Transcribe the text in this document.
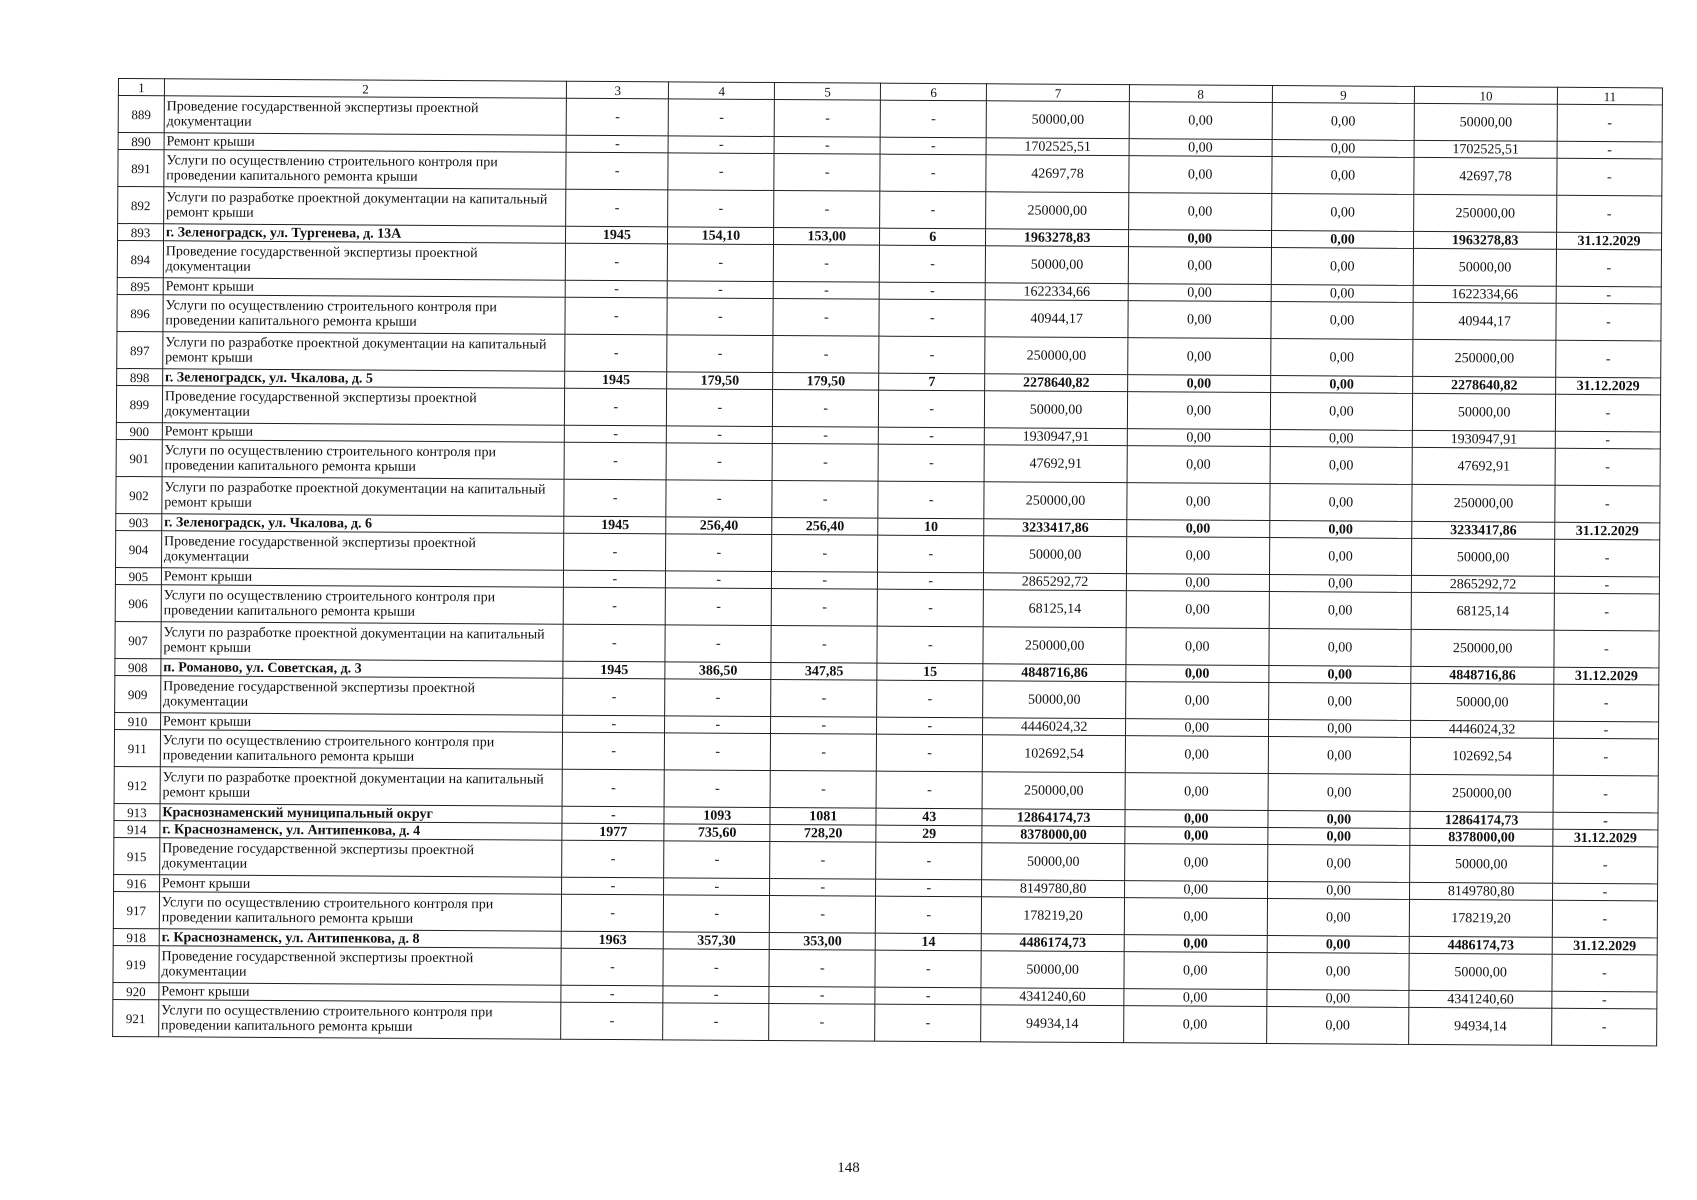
1	2	3	4	5	6	7	8	9	10	11
889	Проведение государственной экспертизы проектной документации	-	-	-	-	50000,00	0,00	0,00	50000,00	-
890	Ремонт крыши	-	-	-	-	1702525,51	0,00	0,00	1702525,51	-
891	Услуги по осуществлению строительного контроля при проведении капитального ремонта крыши	-	-	-	-	42697,78	0,00	0,00	42697,78	-
892	Услуги по разработке проектной документации на капитальный ремонт крыши	-	-	-	-	250000,00	0,00	0,00	250000,00	-
893	г. Зеленоградск, ул. Тургенева, д. 13А	1945	154,10	153,00	6	1963278,83	0,00	0,00	1963278,83	31.12.2029
894	Проведение государственной экспертизы проектной документации	-	-	-	-	50000,00	0,00	0,00	50000,00	-
895	Ремонт крыши	-	-	-	-	1622334,66	0,00	0,00	1622334,66	-
896	Услуги по осуществлению строительного контроля при проведении капитального ремонта крыши	-	-	-	-	40944,17	0,00	0,00	40944,17	-
897	Услуги по разработке проектной документации на капитальный ремонт крыши	-	-	-	-	250000,00	0,00	0,00	250000,00	-
898	г. Зеленоградск, ул. Чкалова, д. 5	1945	179,50	179,50	7	2278640,82	0,00	0,00	2278640,82	31.12.2029
899	Проведение государственной экспертизы проектной документации	-	-	-	-	50000,00	0,00	0,00	50000,00	-
900	Ремонт крыши	-	-	-	-	1930947,91	0,00	0,00	1930947,91	-
901	Услуги по осуществлению строительного контроля при проведении капитального ремонта крыши	-	-	-	-	47692,91	0,00	0,00	47692,91	-
902	Услуги по разработке проектной документации на капитальный ремонт крыши	-	-	-	-	250000,00	0,00	0,00	250000,00	-
903	г. Зеленоградск, ул. Чкалова, д. 6	1945	256,40	256,40	10	3233417,86	0,00	0,00	3233417,86	31.12.2029
904	Проведение государственной экспертизы проектной документации	-	-	-	-	50000,00	0,00	0,00	50000,00	-
905	Ремонт крыши	-	-	-	-	2865292,72	0,00	0,00	2865292,72	-
906	Услуги по осуществлению строительного контроля при проведении капитального ремонта крыши	-	-	-	-	68125,14	0,00	0,00	68125,14	-
907	Услуги по разработке проектной документации на капитальный ремонт крыши	-	-	-	-	250000,00	0,00	0,00	250000,00	-
908	п. Романово, ул. Советская, д. 3	1945	386,50	347,85	15	4848716,86	0,00	0,00	4848716,86	31.12.2029
909	Проведение государственной экспертизы проектной документации	-	-	-	-	50000,00	0,00	0,00	50000,00	-
910	Ремонт крыши	-	-	-	-	4446024,32	0,00	0,00	4446024,32	-
911	Услуги по осуществлению строительного контроля при проведении капитального ремонта крыши	-	-	-	-	102692,54	0,00	0,00	102692,54	-
912	Услуги по разработке проектной документации на капитальный ремонт крыши	-	-	-	-	250000,00	0,00	0,00	250000,00	-
913	Краснознаменский муниципальный округ	-	1093	1081	43	12864174,73	0,00	0,00	12864174,73	-
914	г. Краснознаменск, ул. Антипенкова, д. 4	1977	735,60	728,20	29	8378000,00	0,00	0,00	8378000,00	31.12.2029
915	Проведение государственной экспертизы проектной документации	-	-	-	-	50000,00	0,00	0,00	50000,00	-
916	Ремонт крыши	-	-	-	-	8149780,80	0,00	0,00	8149780,80	-
917	Услуги по осуществлению строительного контроля при проведении капитального ремонта крыши	-	-	-	-	178219,20	0,00	0,00	178219,20	-
918	г. Краснознаменск, ул. Антипенкова, д. 8	1963	357,30	353,00	14	4486174,73	0,00	0,00	4486174,73	31.12.2029
919	Проведение государственной экспертизы проектной документации	-	-	-	-	50000,00	0,00	0,00	50000,00	-
920	Ремонт крыши	-	-	-	-	4341240,60	0,00	0,00	4341240,60	-
921	Услуги по осуществлению строительного контроля при проведении капитального ремонта крыши	-	-	-	-	94934,14	0,00	0,00	94934,14	-
148
